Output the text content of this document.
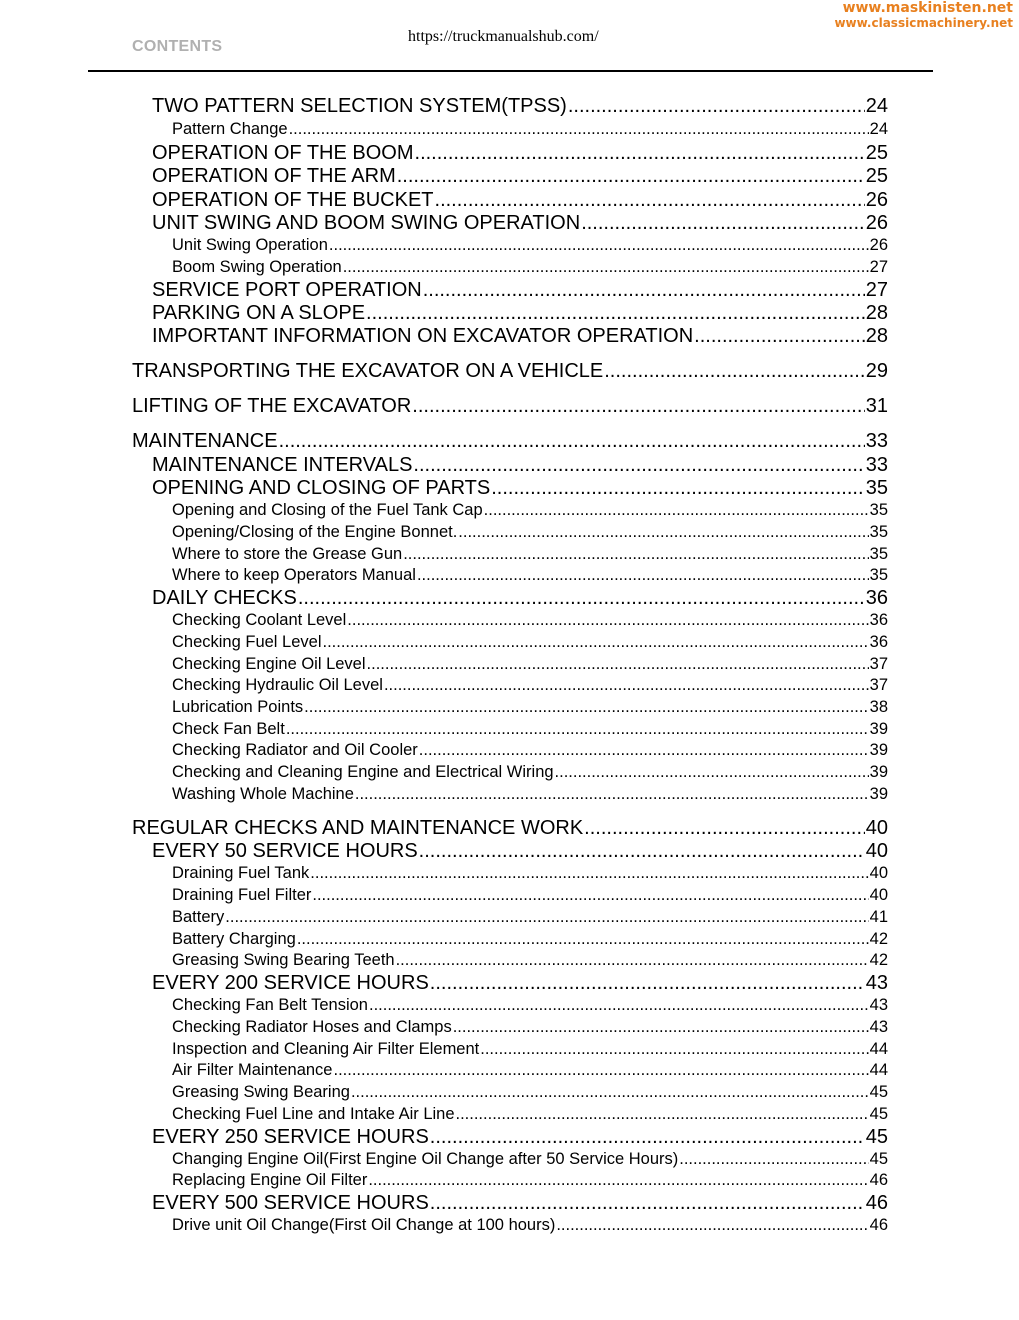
CONTENTS
https://truckmanualshub.com/
www.maskinisten.net
www.classicmachinery.net
TWO PATTERN SELECTION SYSTEM(TPSS) .....	24
Pattern Change .....	24
OPERATION OF THE BOOM .....	25
OPERATION OF THE ARM .....	25
OPERATION OF THE BUCKET .....	26
UNIT SWING AND BOOM SWING OPERATION .....	26
Unit Swing Operation .....	26
Boom Swing Operation .....	27
SERVICE PORT OPERATION .....	27
PARKING ON A SLOPE .....	28
IMPORTANT INFORMATION ON EXCAVATOR OPERATION .....	28
TRANSPORTING THE EXCAVATOR ON A VEHICLE .....	29
LIFTING OF THE EXCAVATOR .....	31
MAINTENANCE .....	33
MAINTENANCE INTERVALS .....	33
OPENING AND CLOSING OF PARTS .....	35
Opening and Closing of the Fuel Tank Cap .....	35
Opening/Closing of the Engine Bonnet. .....	35
Where to store the Grease Gun .....	35
Where to keep Operators Manual .....	35
DAILY CHECKS .....	36
Checking Coolant Level .....	36
Checking Fuel Level .....	36
Checking Engine Oil Level .....	37
Checking Hydraulic Oil Level .....	37
Lubrication Points .....	38
Check Fan Belt .....	39
Checking Radiator and Oil Cooler .....	39
Checking and Cleaning Engine and Electrical Wiring .....	39
Washing Whole Machine .....	39
REGULAR CHECKS AND MAINTENANCE WORK .....	40
EVERY 50 SERVICE HOURS .....	40
Draining Fuel Tank .....	40
Draining Fuel Filter .....	40
Battery .....	41
Battery Charging .....	42
Greasing Swing Bearing Teeth .....	42
EVERY 200 SERVICE HOURS .....	43
Checking Fan Belt Tension .....	43
Checking Radiator Hoses and Clamps .....	43
Inspection and Cleaning Air Filter Element .....	44
Air Filter Maintenance .....	44
Greasing Swing Bearing .....	45
Checking Fuel Line and Intake Air Line .....	45
EVERY 250 SERVICE HOURS .....	45
Changing Engine Oil(First Engine Oil Change after 50 Service Hours) .....	45
Replacing Engine Oil Filter .....	46
EVERY 500 SERVICE HOURS .....	46
Drive unit Oil Change(First Oil Change at 100 hours) .....	46
